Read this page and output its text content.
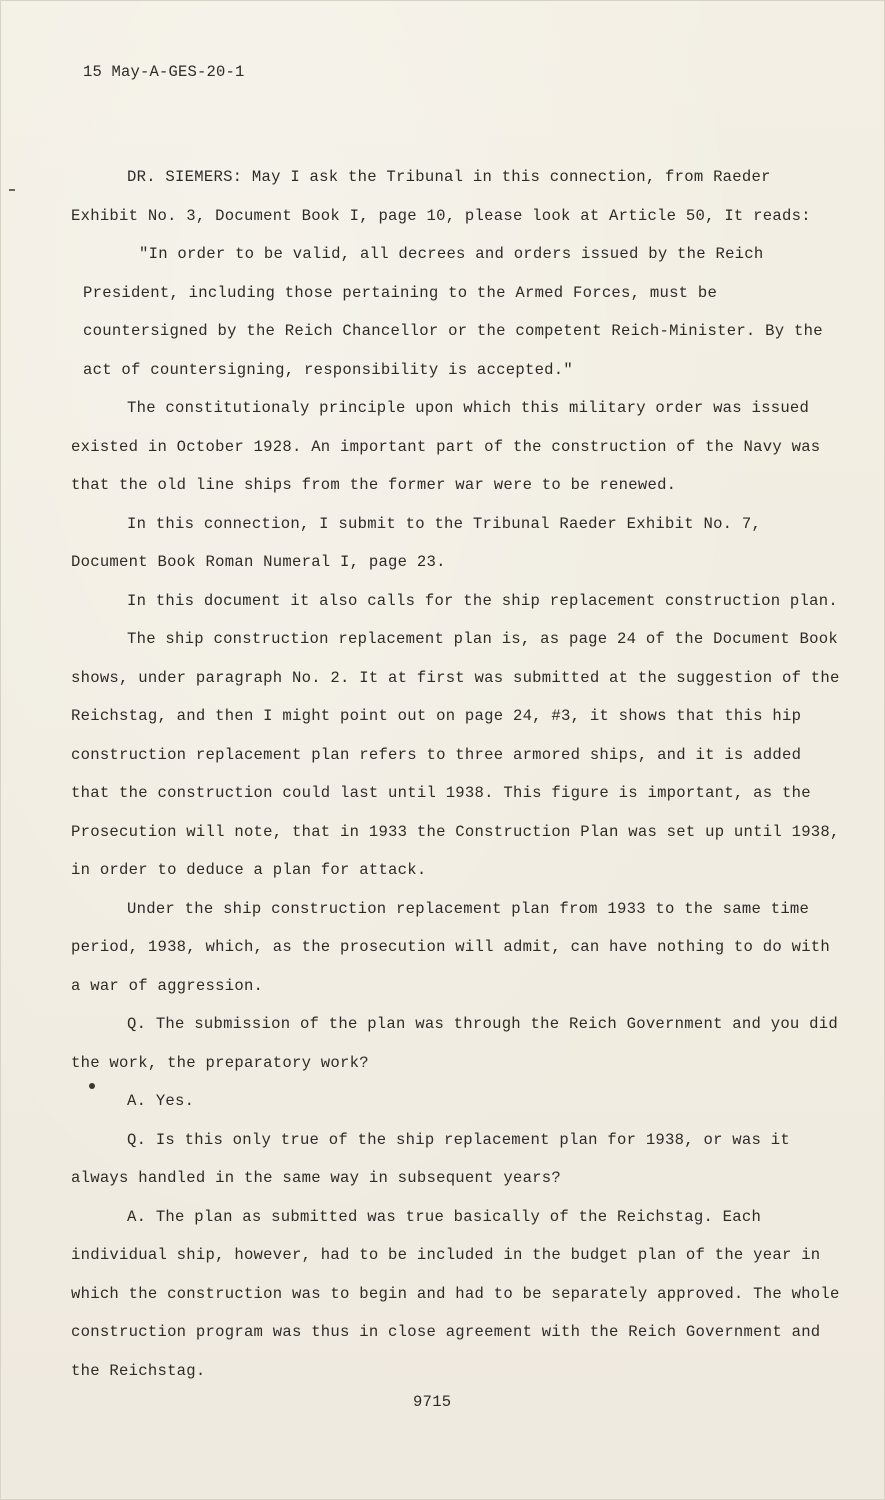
15 May-A-GES-20-1

DR. SIEMERS: May I ask the Tribunal in this connection, from Raeder Exhibit No. 3, Document Book I, page 10, please look at Article 50, It reads:

"In order to be valid, all decrees and orders issued by the Reich President, including those pertaining to the Armed Forces, must be countersigned by the Reich Chancellor or the competent Reich-Minister. By the act of countersigning, responsibility is accepted."

The constitutionaly principle upon which this military order was issued existed in October 1928. An important part of the construction of the Navy was that the old line ships from the former war were to be renewed.

In this connection, I submit to the Tribunal Raeder Exhibit No. 7, Document Book Roman Numeral I, page 23.

In this document it also calls for the ship replacement construction plan.

The ship construction replacement plan is, as page 24 of the Document Book shows, under paragraph No. 2. It at first was submitted at the suggestion of the Reichstag, and then I might point out on page 24, #3, it shows that this hip construction replacement plan refers to three armored ships, and it is added that the construction could last until 1938. This figure is important, as the Prosecution will note, that in 1933 the Construction Plan was set up until 1938, in order to deduce a plan for attack.

Under the ship construction replacement plan from 1933 to the same time period, 1938, which, as the prosecution will admit, can have nothing to do with a war of aggression.

Q. The submission of the plan was through the Reich Government and you did the work, the preparatory work?

A. Yes.

Q. Is this only true of the ship replacement plan for 1938, or was it always handled in the same way in subsequent years?

A. The plan as submitted was true basically of the Reichstag. Each individual ship, however, had to be included in the budget plan of the year in which the construction was to begin and had to be separately approved. The whole construction program was thus in close agreement with the Reich Government and the Reichstag.

9715
